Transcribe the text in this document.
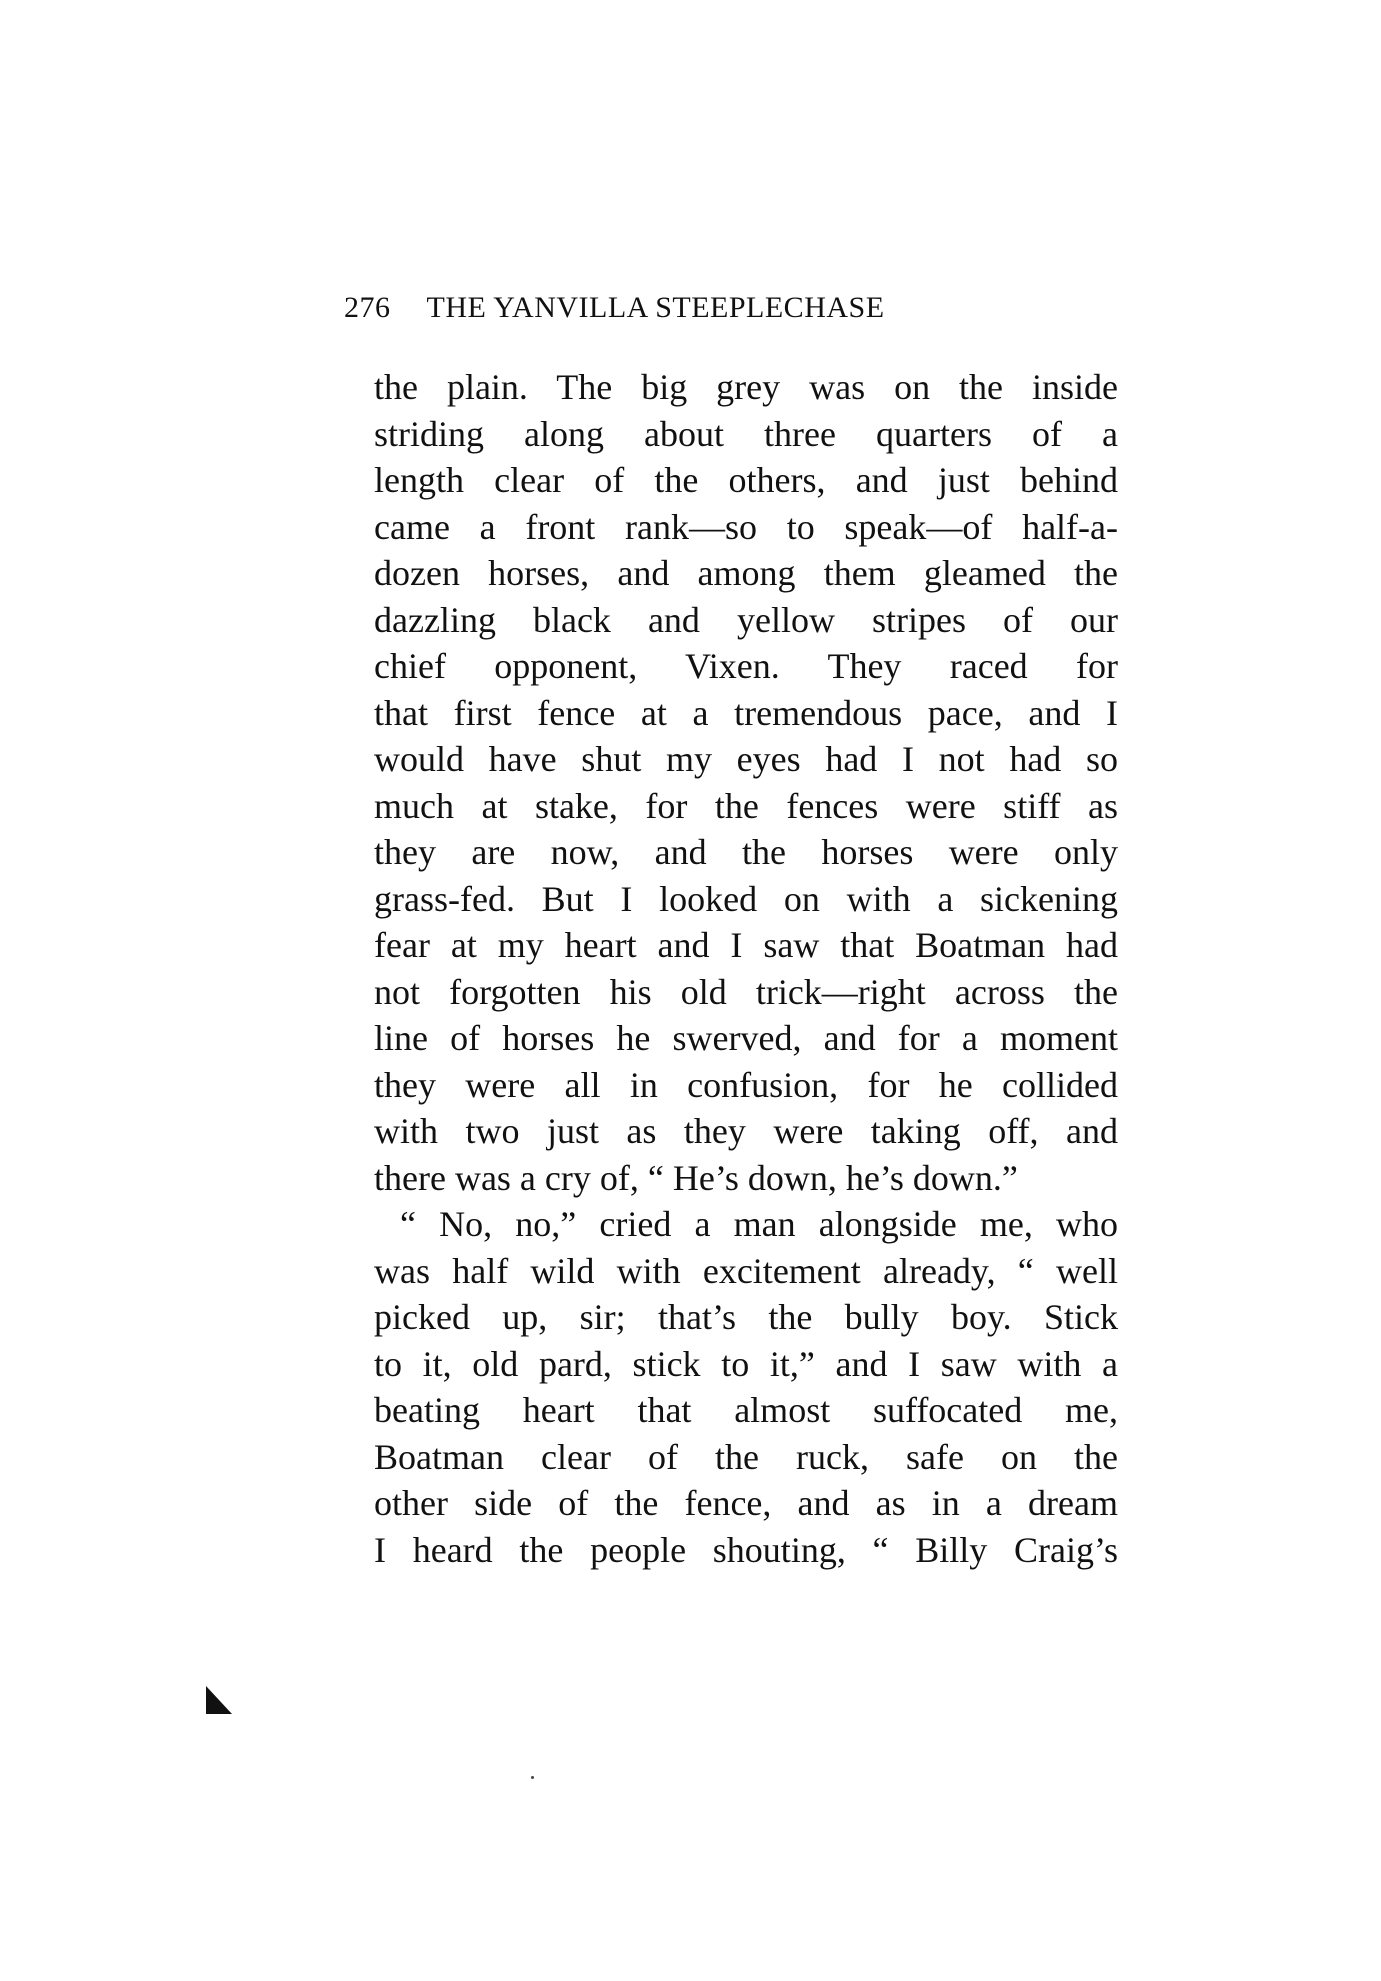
276 THE YANVILLA STEEPLECHASE
the plain. The big grey was on the inside
striding along about three quarters of a
length clear of the others, and just behind
came a front rank—so to speak—of half-a-
dozen horses, and among them gleamed the
dazzling black and yellow stripes of our
chief opponent, Vixen. They raced for
that first fence at a tremendous pace, and I
would have shut my eyes had I not had so
much at stake, for the fences were stiff as
they are now, and the horses were only
grass-fed. But I looked on with a sickening
fear at my heart and I saw that Boatman had
not forgotten his old trick—right across the
line of horses he swerved, and for a moment
they were all in confusion, for he collided
with two just as they were taking off, and
there was a cry of, “ He’s down, he’s down.”
“ No, no,” cried a man alongside me, who
was half wild with excitement already, “ well
picked up, sir; that’s the bully boy. Stick
to it, old pard, stick to it,” and I saw with a
beating heart that almost suffocated me,
Boatman clear of the ruck, safe on the
other side of the fence, and as in a dream
I heard the people shouting, “ Billy Craig’s
